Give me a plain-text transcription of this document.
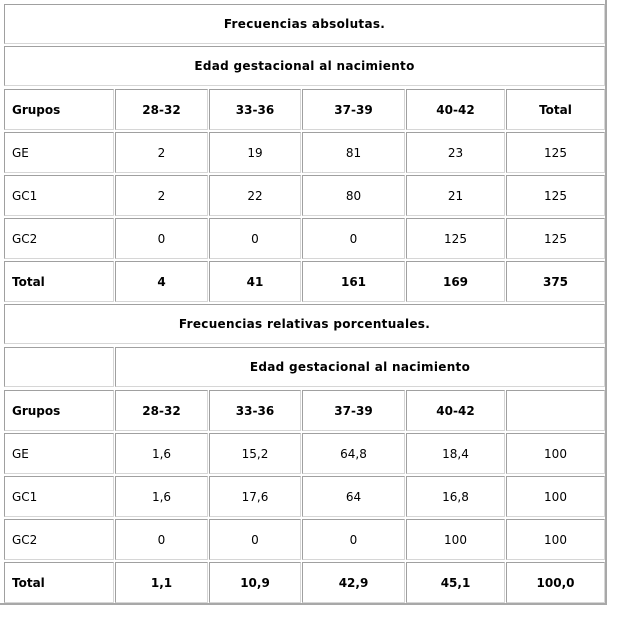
Frecuencias absolutas.
Edad gestacional al nacimiento
Grupos	28-32	33-36	37-39	40-42	Total
GE	2	19	81	23	125
GC1	2	22	80	21	125
GC2	0	0	0	125	125
Total	4	41	161	169	375
Frecuencias relativas porcentuales.
Edad gestacional al nacimiento
Grupos	28-32	33-36	37-39	40-42
GE	1,6	15,2	64,8	18,4	100
GC1	1,6	17,6	64	16,8	100
GC2	0	0	0	100	100
Total	1,1	10,9	42,9	45,1	100,0
